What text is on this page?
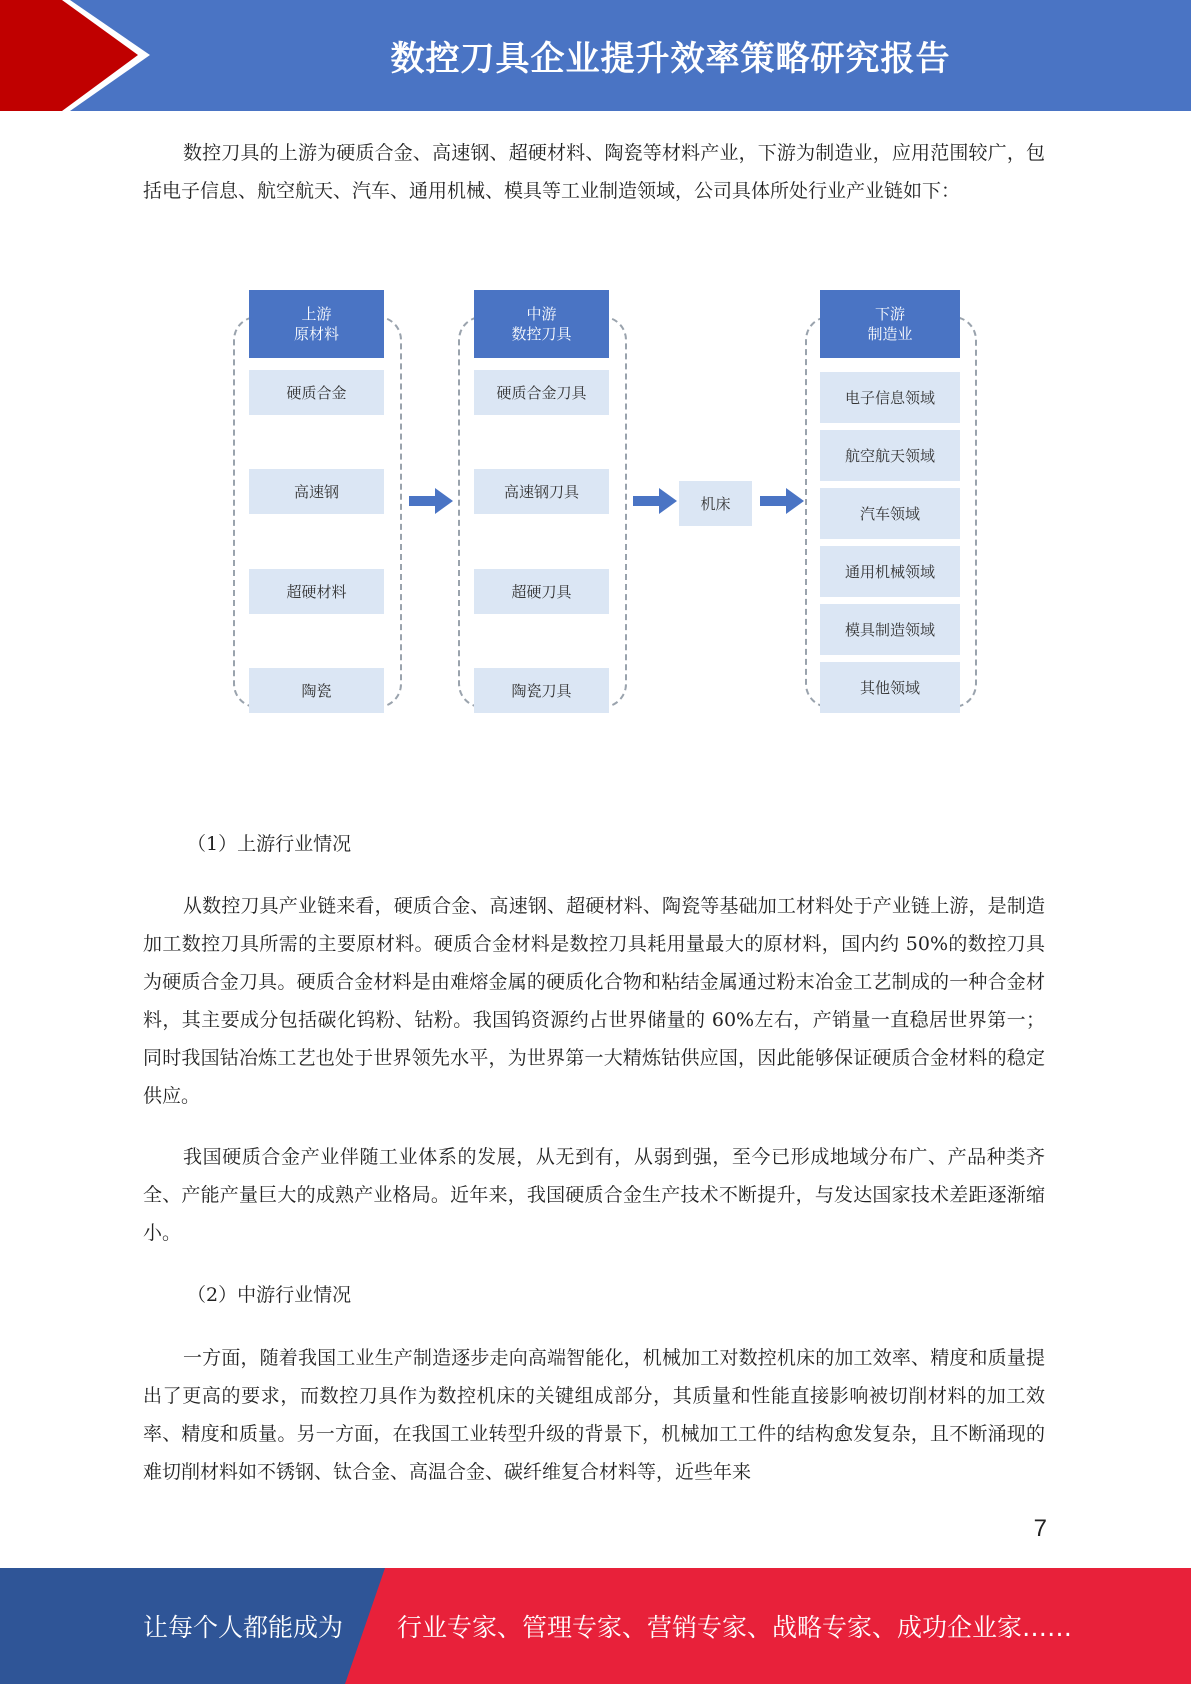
数控刀具企业提升效率策略研究报告

数控刀具的上游为硬质合金、高速钢、超硬材料、陶瓷等材料产业，下游为制造业，应用范围较广，包括电子信息、航空航天、汽车、通用机械、模具等工业制造领域，公司具体所处行业产业链如下：

上游
原材料
硬质合金
高速钢
超硬材料
陶瓷
中游
数控刀具
硬质合金刀具
高速钢刀具
超硬刀具
陶瓷刀具
机床
下游
制造业
电子信息领域
航空航天领域
汽车领域
通用机械领域
模具制造领域
其他领域
（1）上游行业情况

从数控刀具产业链来看，硬质合金、高速钢、超硬材料、陶瓷等基础加工材料处于产业链上游，是制造加工数控刀具所需的主要原材料。硬质合金材料是数控刀具耗用量最大的原材料，国内约 50%的数控刀具为硬质合金刀具。硬质合金材料是由难熔金属的硬质化合物和粘结金属通过粉末冶金工艺制成的一种合金材料，其主要成分包括碳化钨粉、钴粉。我国钨资源约占世界储量的 60%左右，产销量一直稳居世界第一；同时我国钴冶炼工艺也处于世界领先水平，为世界第一大精炼钴供应国，因此能够保证硬质合金材料的稳定供应。

我国硬质合金产业伴随工业体系的发展，从无到有，从弱到强，至今已形成地域分布广、产品种类齐全、产能产量巨大的成熟产业格局。近年来，我国硬质合金生产技术不断提升，与发达国家技术差距逐渐缩小。

（2）中游行业情况

一方面，随着我国工业生产制造逐步走向高端智能化，机械加工对数控机床的加工效率、精度和质量提出了更高的要求，而数控刀具作为数控机床的关键组成部分，其质量和性能直接影响被切削材料的加工效率、精度和质量。另一方面，在我国工业转型升级的背景下，机械加工工件的结构愈发复杂，且不断涌现的难切削材料如不锈钢、钛合金、高温合金、碳纤维复合材料等，近些年来

7
让每个人都能成为 行业专家、管理专家、营销专家、战略专家、成功企业家……
